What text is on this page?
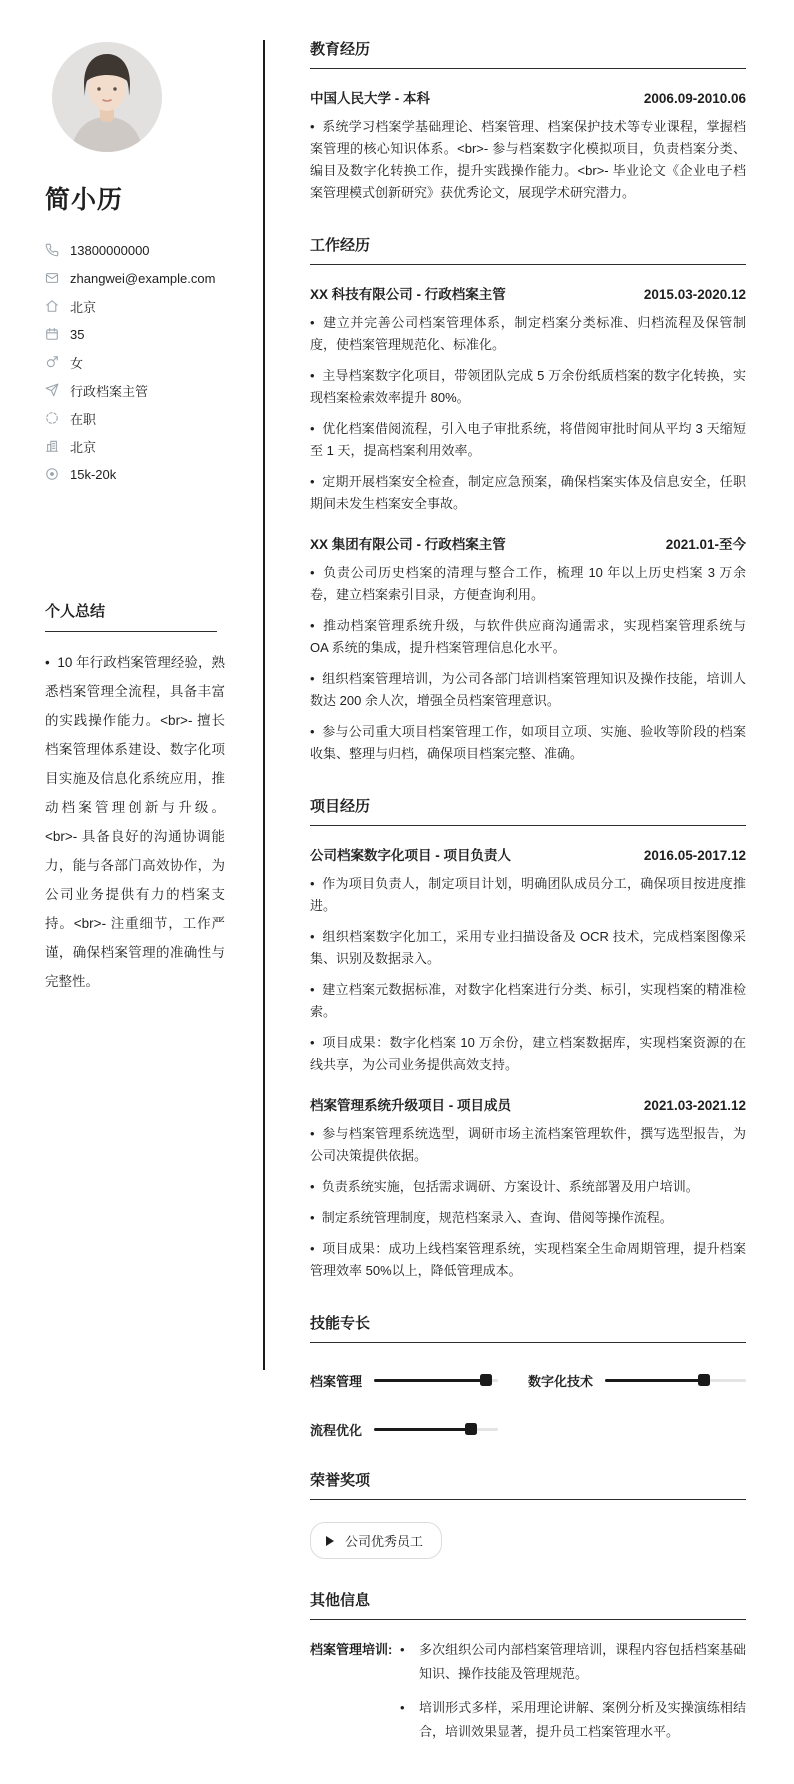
简小历
13800000000
zhangwei@example.com
北京
35
女
行政档案主管
在职
北京
15k-20k
个人总结
•  10 年行政档案管理经验，熟悉档案管理全流程，具备丰富的实践操作能力。<br>- 擅长档案管理体系建设、数字化项目实施及信息化系统应用，推动档案管理创新与升级。<br>- 具备良好的沟通协调能力，能与各部门高效协作，为公司业务提供有力的档案支持。<br>- 注重细节，工作严谨，确保档案管理的准确性与完整性。
教育经历
中国人民大学 - 本科	2006.09-2010.06
•  系统学习档案学基础理论、档案管理、档案保护技术等专业课程，掌握档案管理的核心知识体系。<br>- 参与档案数字化模拟项目，负责档案分类、编目及数字化转换工作，提升实践操作能力。<br>- 毕业论文《企业电子档案管理模式创新研究》获优秀论文，展现学术研究潜力。
工作经历
XX 科技有限公司 - 行政档案主管	2015.03-2020.12
•  建立并完善公司档案管理体系，制定档案分类标准、归档流程及保管制度，使档案管理规范化、标准化。
•  主导档案数字化项目，带领团队完成 5 万余份纸质档案的数字化转换，实现档案检索效率提升 80%。
•  优化档案借阅流程，引入电子审批系统，将借阅审批时间从平均 3 天缩短至 1 天，提高档案利用效率。
•  定期开展档案安全检查，制定应急预案，确保档案实体及信息安全，任职期间未发生档案安全事故。
XX 集团有限公司 - 行政档案主管	2021.01-至今
•  负责公司历史档案的清理与整合工作，梳理 10 年以上历史档案 3 万余卷，建立档案索引目录，方便查询利用。
•  推动档案管理系统升级，与软件供应商沟通需求，实现档案管理系统与 OA 系统的集成，提升档案管理信息化水平。
•  组织档案管理培训，为公司各部门培训档案管理知识及操作技能，培训人数达 200 余人次，增强全员档案管理意识。
•  参与公司重大项目档案管理工作，如项目立项、实施、验收等阶段的档案收集、整理与归档，确保项目档案完整、准确。
项目经历
公司档案数字化项目 - 项目负责人	2016.05-2017.12
•  作为项目负责人，制定项目计划，明确团队成员分工，确保项目按进度推进。
•  组织档案数字化加工，采用专业扫描设备及 OCR 技术，完成档案图像采集、识别及数据录入。
•  建立档案元数据标准，对数字化档案进行分类、标引，实现档案的精准检索。
•  项目成果：数字化档案 10 万余份，建立档案数据库，实现档案资源的在线共享，为公司业务提供高效支持。
档案管理系统升级项目 - 项目成员	2021.03-2021.12
•  参与档案管理系统选型，调研市场主流档案管理软件，撰写选型报告，为公司决策提供依据。
•  负责系统实施，包括需求调研、方案设计、系统部署及用户培训。
•  制定系统管理制度，规范档案录入、查询、借阅等操作流程。
•  项目成果：成功上线档案管理系统，实现档案全生命周期管理，提升档案管理效率 50%以上，降低管理成本。
技能专长
档案管理	数字化技术
流程优化
荣誉奖项
公司优秀员工
其他信息
档案管理培训:	• 多次组织公司内部档案管理培训，课程内容包括档案基础知识、操作技能及管理规范。
• 培训形式多样，采用理论讲解、案例分析及实操演练相结合，培训效果显著，提升员工档案管理水平。
